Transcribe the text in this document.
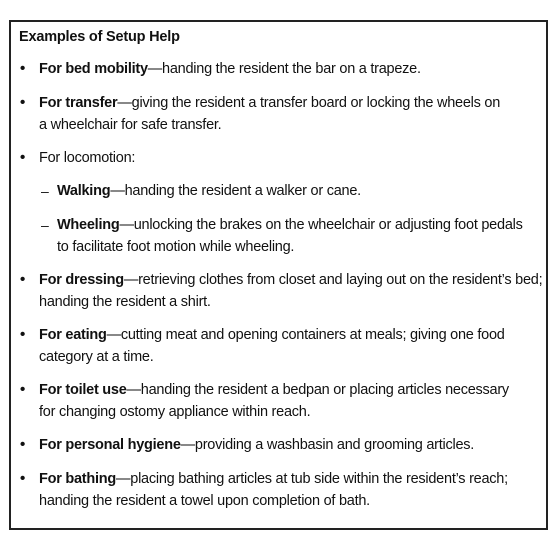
Examples of Setup Help
• For bed mobility—handing the resident the bar on a trapeze.
• For transfer—giving the resident a transfer board or locking the wheels on
a wheelchair for safe transfer.
• For locomotion:
– Walking—handing the resident a walker or cane.
– Wheeling—unlocking the brakes on the wheelchair or adjusting foot pedals
to facilitate foot motion while wheeling.
• For dressing—retrieving clothes from closet and laying out on the resident’s bed;
handing the resident a shirt.
• For eating—cutting meat and opening containers at meals; giving one food
category at a time.
• For toilet use—handing the resident a bedpan or placing articles necessary
for changing ostomy appliance within reach.
• For personal hygiene—providing a washbasin and grooming articles.
• For bathing—placing bathing articles at tub side within the resident’s reach;
handing the resident a towel upon completion of bath.
